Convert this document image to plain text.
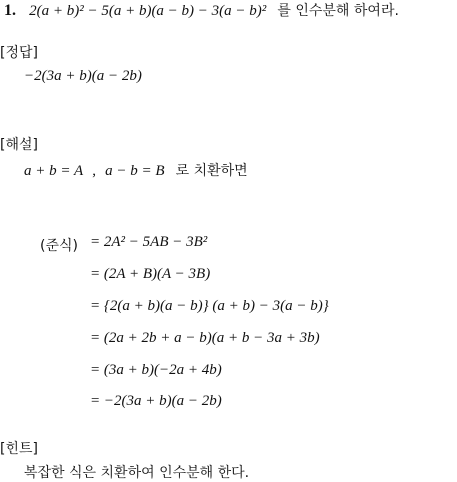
1. 2(a + b)² − 5(a + b)(a − b) − 3(a − b)² 를 인수분해 하여라.
[정답]
−2(3a + b)(a − 2b)
[해설]
a + b = A , a − b = B 로 치환하면
(준식) = 2A² − 5AB − 3B²
= (2A + B)(A − 3B)
= {2(a + b)(a − b)} (a + b) − 3(a − b)}
= (2a + 2b + a − b)(a + b − 3a + 3b)
= (3a + b)(−2a + 4b)
= −2(3a + b)(a − 2b)
[힌트]
복잡한 식은 치환하여 인수분해 한다.
